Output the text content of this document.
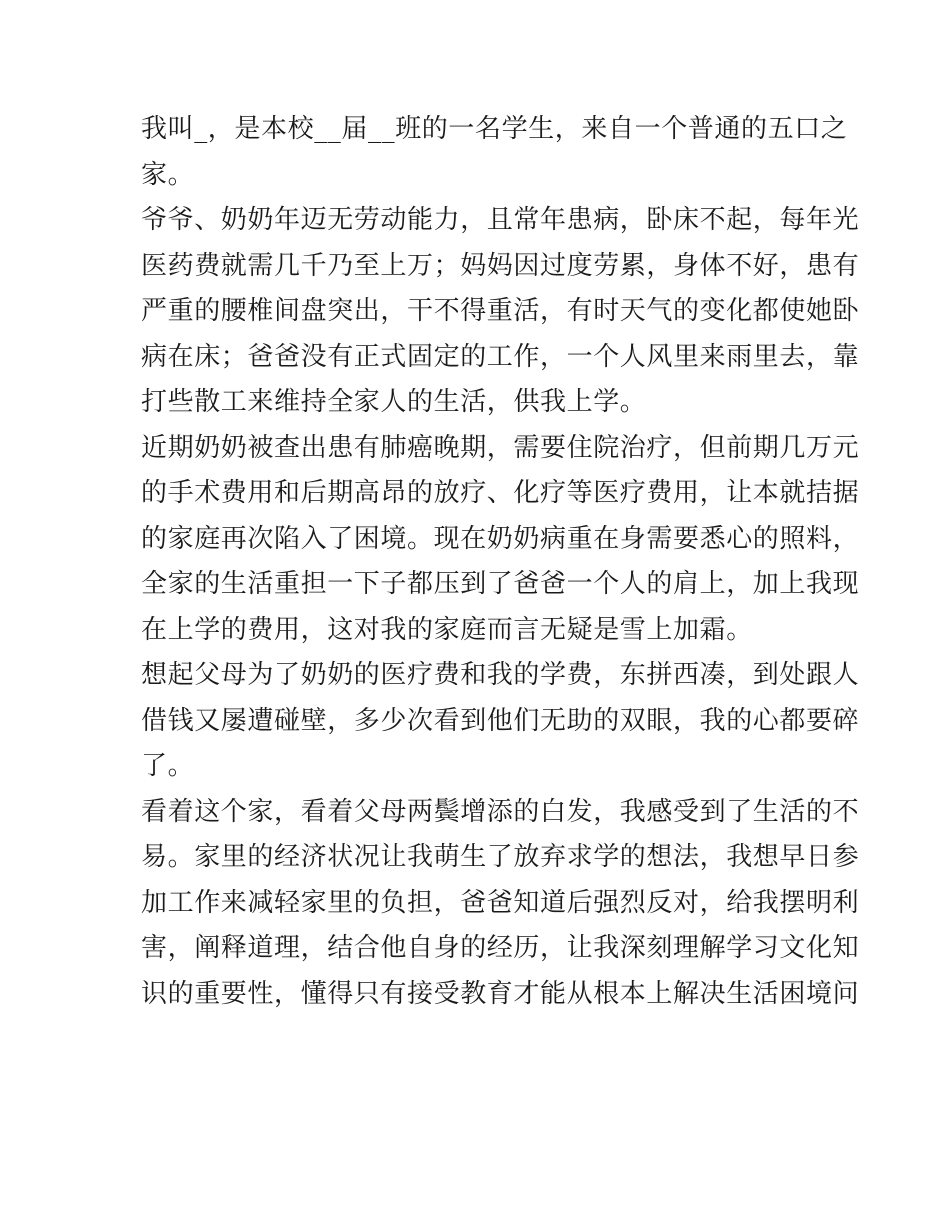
我叫_，是本校__届__班的一名学生，来自一个普通的五口之
家。
爷爷、奶奶年迈无劳动能力，且常年患病，卧床不起，每年光
医药费就需几千乃至上万；妈妈因过度劳累，身体不好，患有
严重的腰椎间盘突出，干不得重活，有时天气的变化都使她卧
病在床；爸爸没有正式固定的工作，一个人风里来雨里去，靠
打些散工来维持全家人的生活，供我上学。
近期奶奶被查出患有肺癌晚期，需要住院治疗，但前期几万元
的手术费用和后期高昂的放疗、化疗等医疗费用，让本就拮据
的家庭再次陷入了困境。现在奶奶病重在身需要悉心的照料，
全家的生活重担一下子都压到了爸爸一个人的肩上，加上我现
在上学的费用，这对我的家庭而言无疑是雪上加霜。
想起父母为了奶奶的医疗费和我的学费，东拼西凑，到处跟人
借钱又屡遭碰壁，多少次看到他们无助的双眼，我的心都要碎
了。
看着这个家，看着父母两鬓增添的白发，我感受到了生活的不
易。家里的经济状况让我萌生了放弃求学的想法，我想早日参
加工作来减轻家里的负担，爸爸知道后强烈反对，给我摆明利
害，阐释道理，结合他自身的经历，让我深刻理解学习文化知
识的重要性，懂得只有接受教育才能从根本上解决生活困境问
